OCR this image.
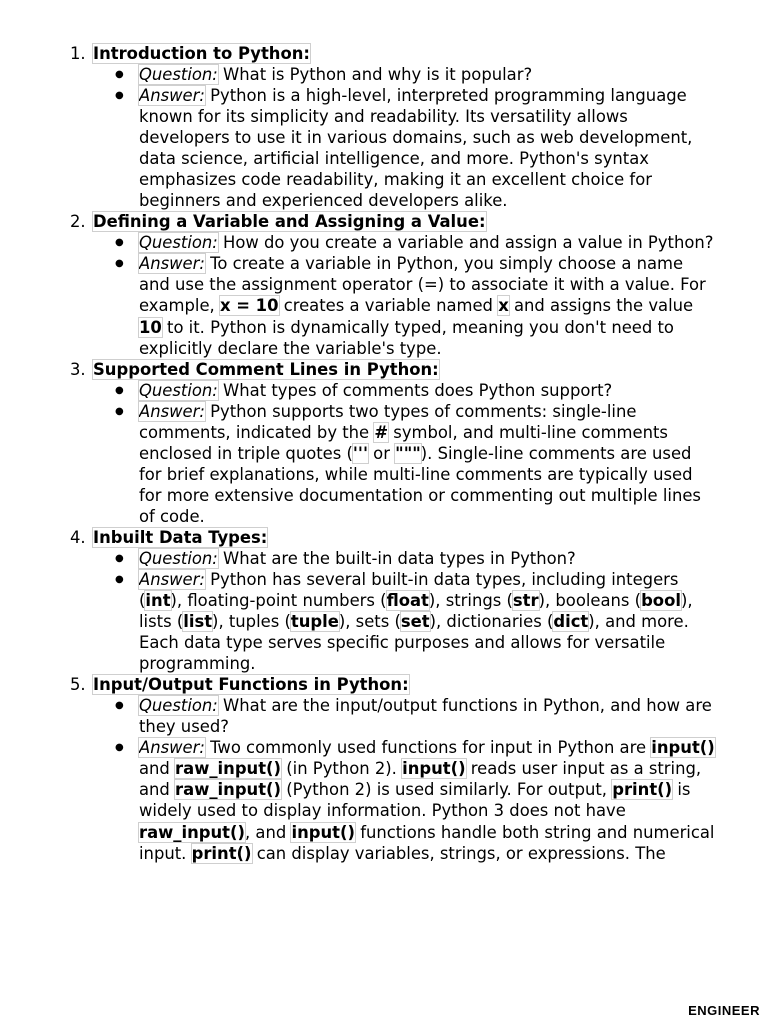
1. Introduction to Python:
● Question: What is Python and why is it popular?
● Answer: Python is a high-level, interpreted programming language known for its simplicity and readability. Its versatility allows developers to use it in various domains, such as web development, data science, artificial intelligence, and more. Python's syntax emphasizes code readability, making it an excellent choice for beginners and experienced developers alike.
2. Defining a Variable and Assigning a Value:
● Question: How do you create a variable and assign a value in Python?
● Answer: To create a variable in Python, you simply choose a name and use the assignment operator (=) to associate it with a value. For example, x = 10 creates a variable named x and assigns the value 10 to it. Python is dynamically typed, meaning you don't need to explicitly declare the variable's type.
3. Supported Comment Lines in Python:
● Question: What types of comments does Python support?
● Answer: Python supports two types of comments: single-line comments, indicated by the # symbol, and multi-line comments enclosed in triple quotes (''' or """). Single-line comments are used for brief explanations, while multi-line comments are typically used for more extensive documentation or commenting out multiple lines of code.
4. Inbuilt Data Types:
● Question: What are the built-in data types in Python?
● Answer: Python has several built-in data types, including integers (int), floating-point numbers (float), strings (str), booleans (bool), lists (list), tuples (tuple), sets (set), dictionaries (dict), and more. Each data type serves specific purposes and allows for versatile programming.
5. Input/Output Functions in Python:
● Question: What are the input/output functions in Python, and how are they used?
● Answer: Two commonly used functions for input in Python are input() and raw_input() (in Python 2). input() reads user input as a string, and raw_input() (Python 2) is used similarly. For output, print() is widely used to display information. Python 3 does not have raw_input(), and input() functions handle both string and numerical input. print() can display variables, strings, or expressions. The
ENGINEER
